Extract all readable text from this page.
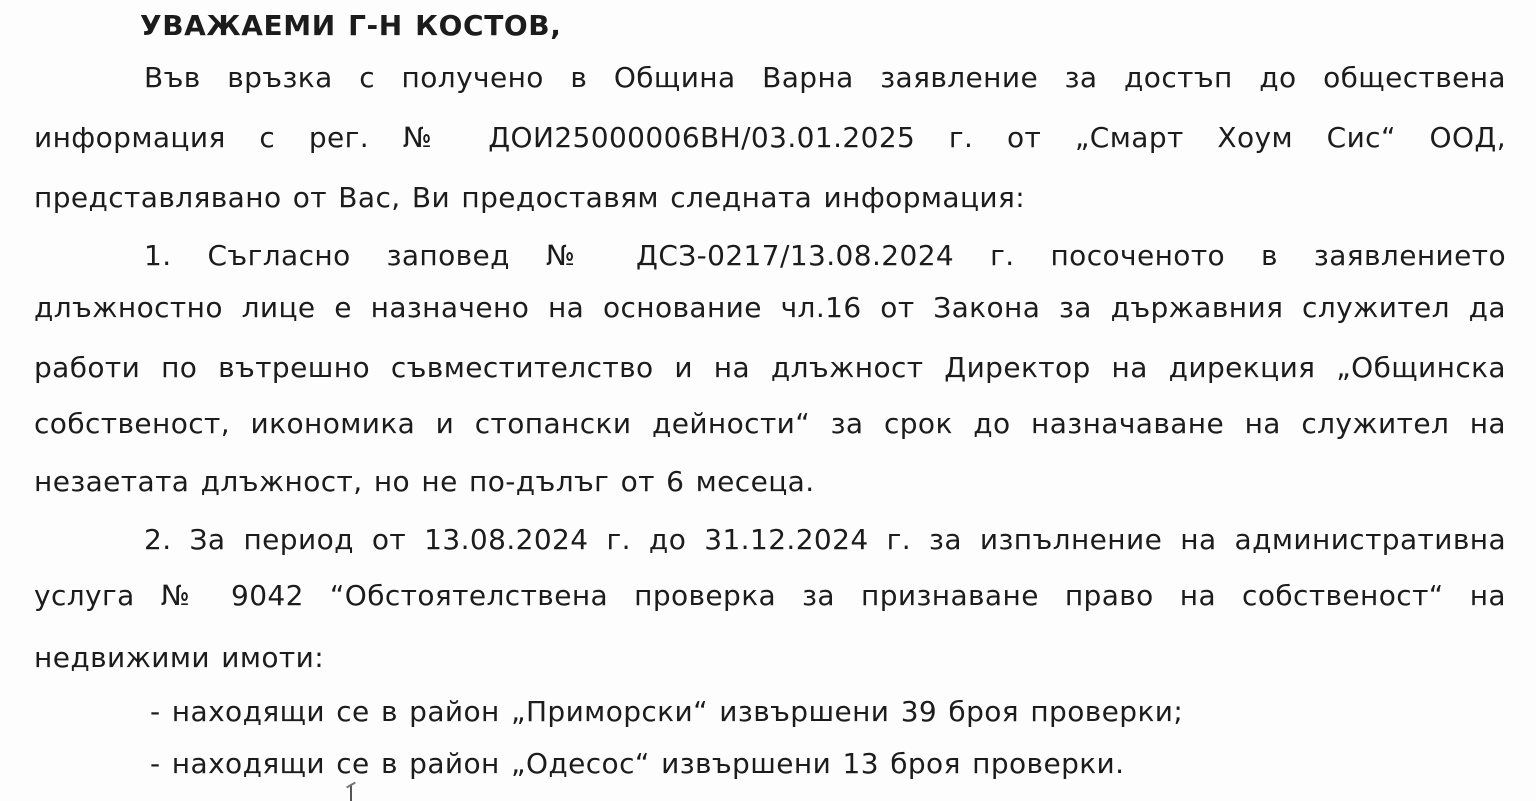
УВАЖАЕМИ Г-Н КОСТОВ,
Във връзка с получено в Община Варна заявление за достъп до обществена
информация с рег. № ДОИ25000006ВН/03.01.2025 г. от „Смарт Хоум Сис“ ООД,
представлявано от Вас, Ви предоставям следната информация:
1. Съгласно заповед № ДСЗ-0217/13.08.2024 г. посоченото в заявлението
длъжностно лице е назначено на основание чл.16 от Закона за държавния служител да
работи по вътрешно съвместителство и на длъжност Директор на дирекция „Общинска
собственост, икономика и стопански дейности“ за срок до назначаване на служител на
незаетата длъжност, но не по-дълъг от 6 месеца.
2. За период от 13.08.2024 г. до 31.12.2024 г. за изпълнение на административна
услуга № 9042 “Обстоятелствена проверка за признаване право на собственост“ на
недвижими имоти:
- находящи се в район „Приморски“ извършени 39 броя проверки;
- находящи се в район „Одесос“ извършени 13 броя проверки.
